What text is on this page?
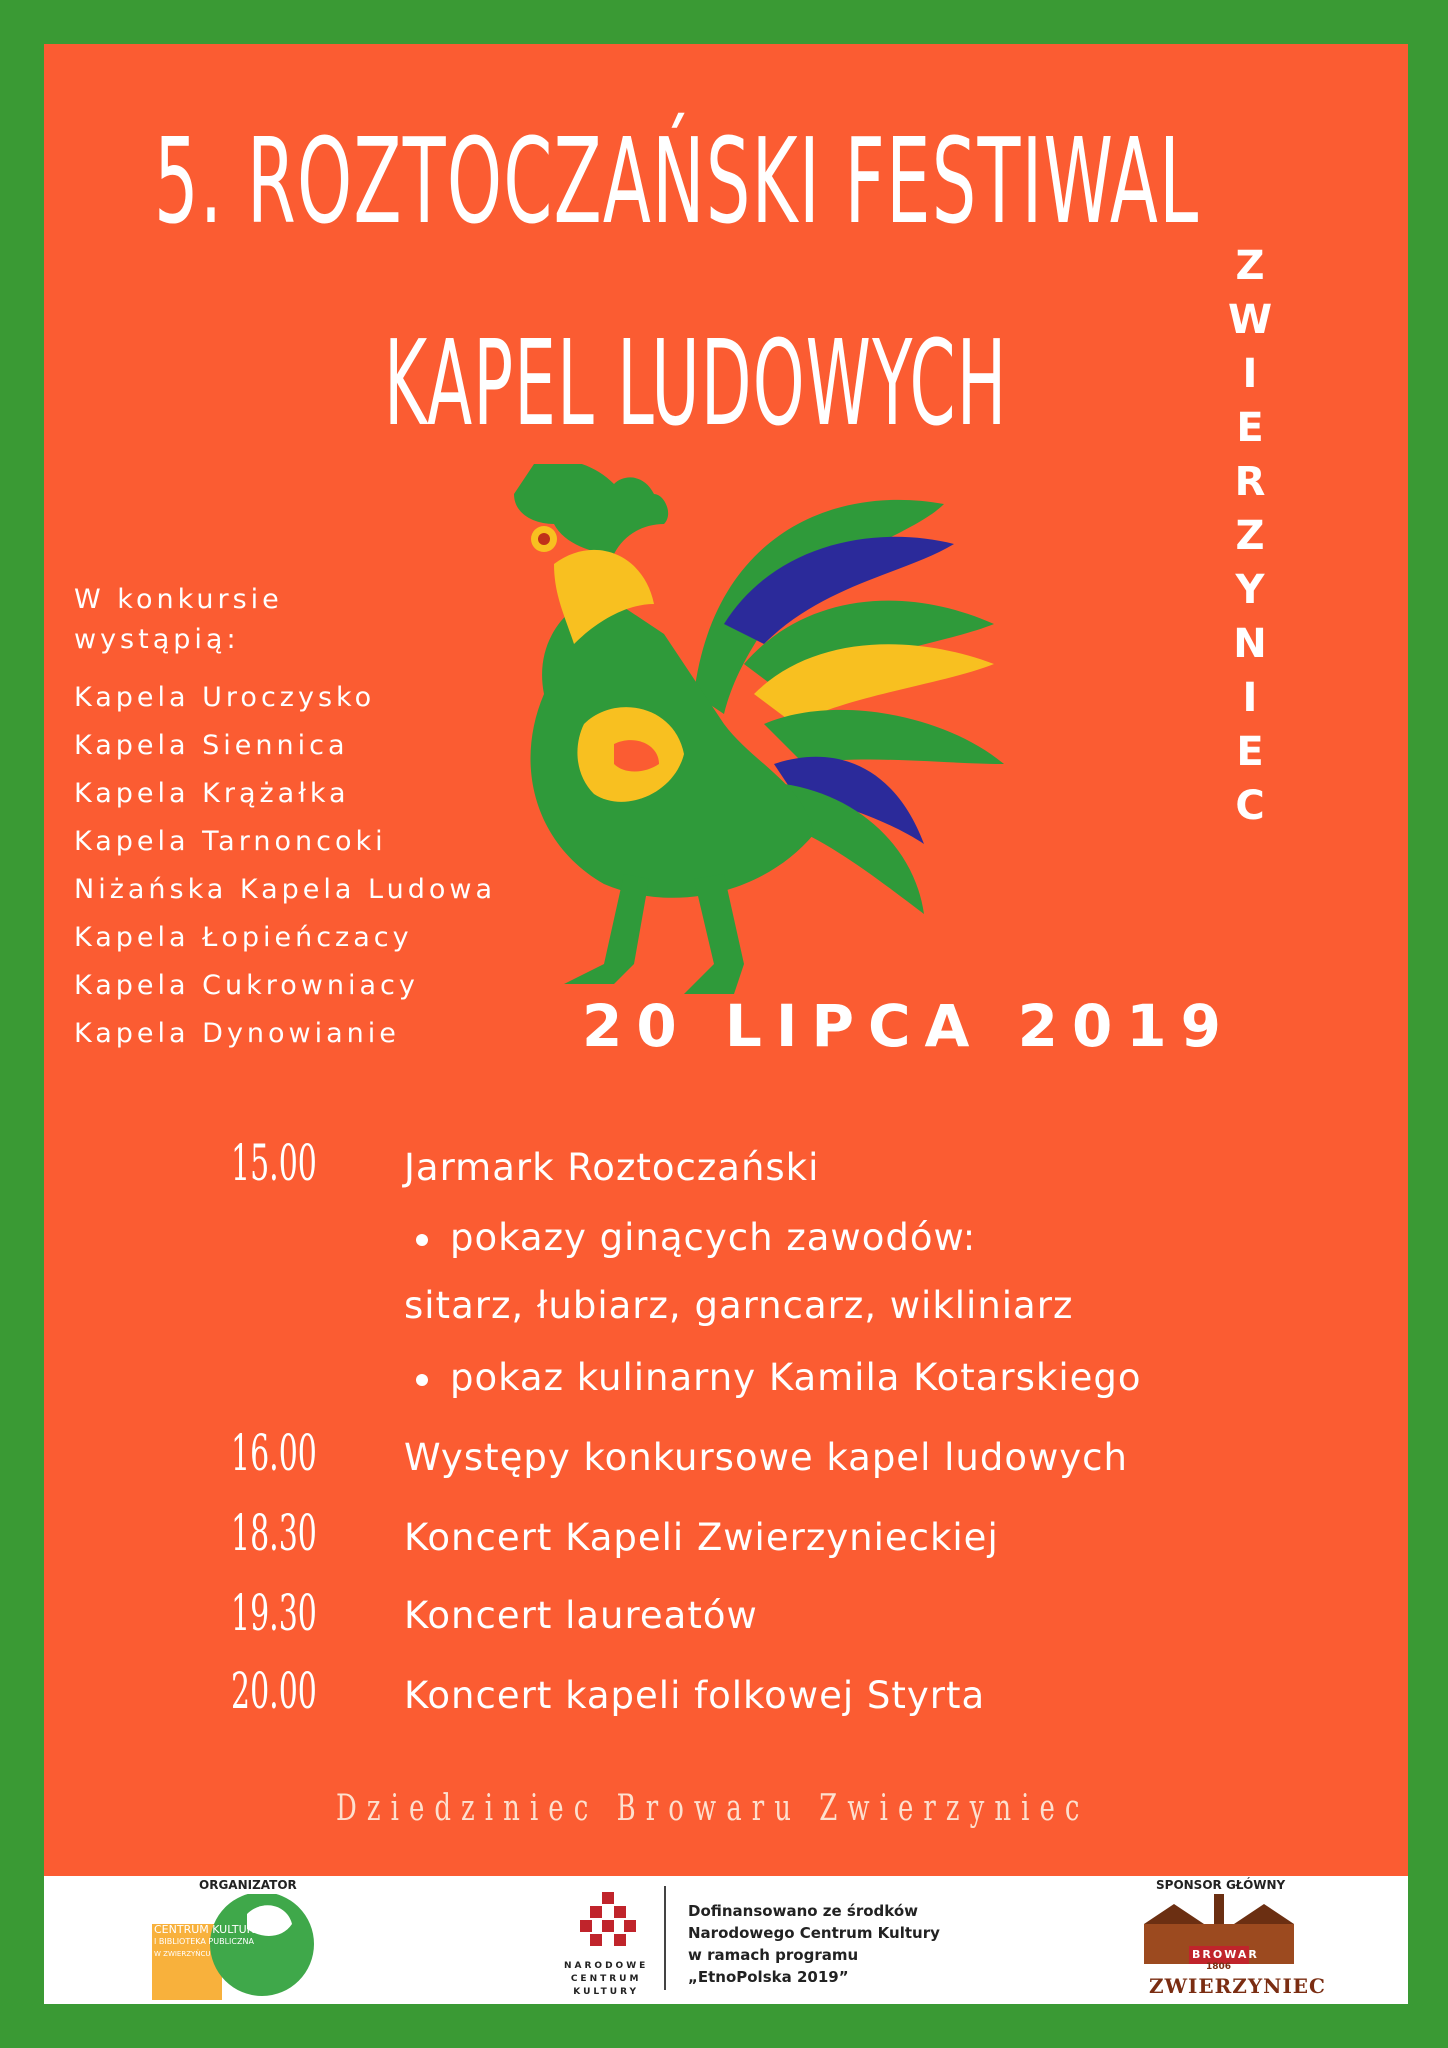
5. ROZTOCZAŃSKI FESTIWAL
KAPEL LUDOWYCH
Z
W
I
E
R
Z
Y
N
I
E
C
20 LIPCA 2019
W konkursie
wystąpią:
Kapela Uroczysko
Kapela Siennica
Kapela Krążałka
Kapela Tarnoncoki
Niżańska Kapela Ludowa
Kapela Łopieńczacy
Kapela Cukrowniacy
Kapela Dynowianie
15.00 Jarmark Roztoczański
pokazy ginących zawodów:
sitarz, łubiarz, garncarz, wikliniarz
pokaz kulinarny Kamila Kotarskiego
16.00 Występy konkursowe kapel ludowych
18.30 Koncert Kapeli Zwierzynieckiej
19.30 Koncert laureatów
20.00 Koncert kapeli folkowej Styrta
Dziedziniec Browaru Zwierzyniec
ORGANIZATOR
CENTRUM KULTURY
I BIBLIOTEKA PUBLICZNA
W ZWIERZYŃCU
NARODOWE
CENTRUM
KULTURY
Dofinansowano ze środków
Narodowego Centrum Kultury
w ramach programu
„EtnoPolska 2019”
SPONSOR GŁÓWNY
BROWAR
1806
ZWIERZYNIEC
